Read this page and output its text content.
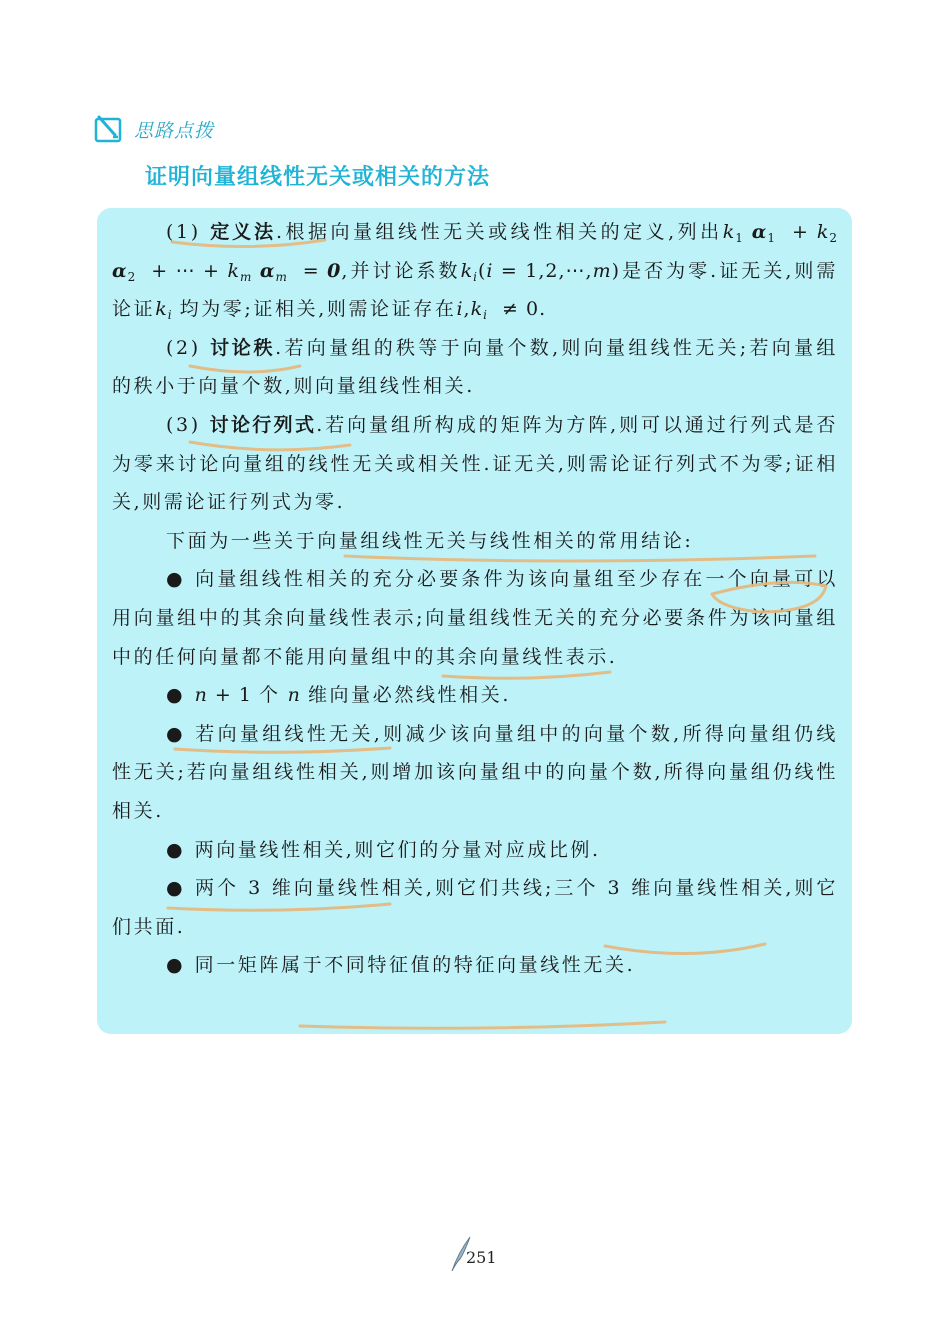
思路点拨
证明向量组线性无关或相关的方法

(1) 定义法.根据向量组线性无关或线性相关的定义,列出$k_1$ $\alpha_1 + k_2$ $\alpha_2$  + ⋯ + $k_m$ $\alpha_m = 0$,并讨论系数$k_i(i$ = 1,2,⋯,m)是否为零.证无关,则需论证$k_i$ 均为零;证相关,则需论证存在$i,k_i \ne 0$.

(2) 讨论秩.若向量组的秩等于向量个数,则向量组线性无关;若向量组的秩小于向量个数,则向量组线性相关.

(3) 讨论行列式.若向量组所构成的矩阵为方阵,则可以通过行列式是否为零来讨论向量组的线性无关或相关性.证无关,则需论证行列式不为零;证相关,则需论证行列式为零.

下面为一些关于向量组线性无关与线性相关的常用结论:

● 向量组线性相关的充分必要条件为该向量组至少存在一个向量可以用向量组中的其余向量线性表示;向量组线性无关的充分必要条件为该向量组中的任何向量都不能用向量组中的其余向量线性表示.

● n + 1 个 n 维向量必然线性相关.

● 若向量组线性无关,则减少该向量组中的向量个数,所得向量组仍线性无关;若向量组线性相关,则增加该向量组中的向量个数,所得向量组仍线性相关.

● 两向量线性相关,则它们的分量对应成比例.

● 两个 3 维向量线性相关,则它们共线;三个 3 维向量线性相关,则它们共面.

● 同一矩阵属于不同特征值的特征向量线性无关.

251
